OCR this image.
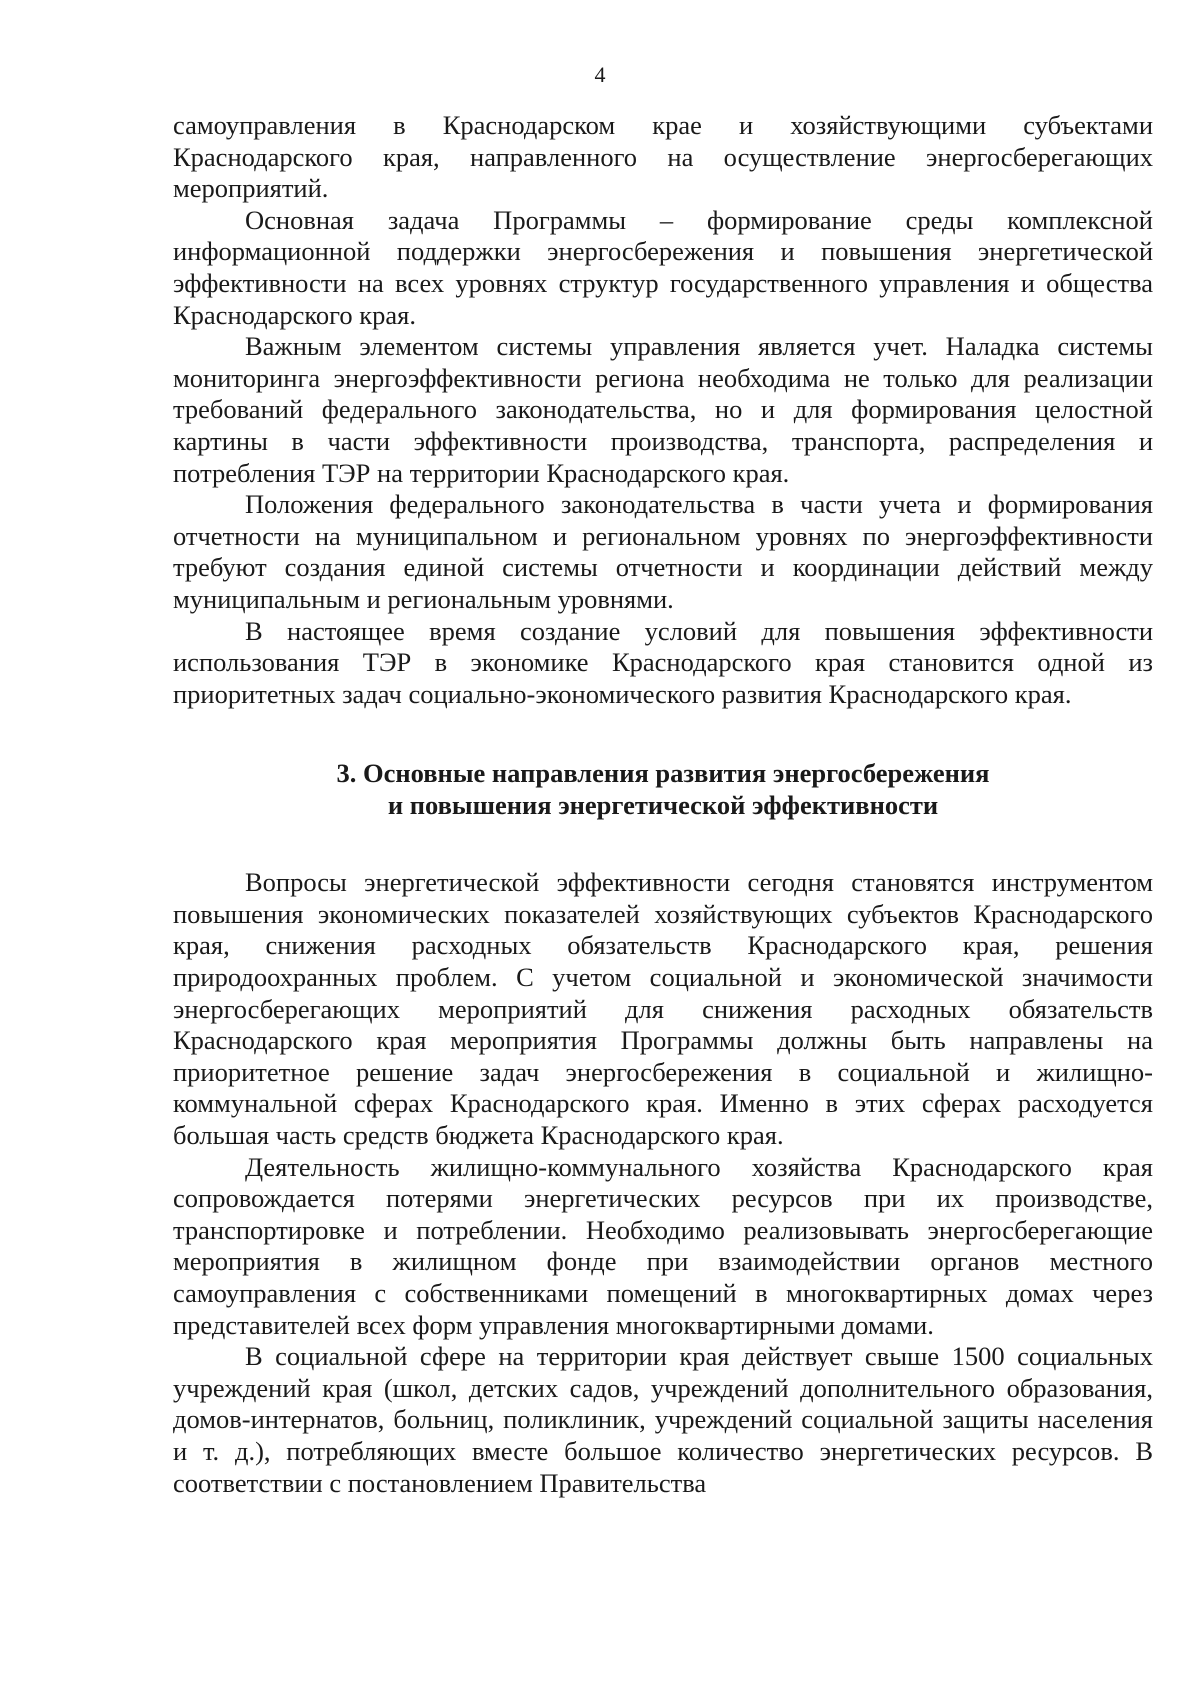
4

самоуправления в Краснодарском крае и хозяйствующими субъектами Краснодарского края, направленного на осуществление энергосберегающих мероприятий.

Основная задача Программы – формирование среды комплексной информационной поддержки энергосбережения и повышения энергетической эффективности на всех уровнях структур государственного управления и общества Краснодарского края.

Важным элементом системы управления является учет. Наладка системы мониторинга энергоэффективности региона необходима не только для реализации требований федерального законодательства, но и для формирования целостной картины в части эффективности производства, транспорта, распределения и потребления ТЭР на территории Краснодарского края.

Положения федерального законодательства в части учета и формирования отчетности на муниципальном и региональном уровнях по энергоэффективности требуют создания единой системы отчетности и координации действий между муниципальным и региональным уровнями.

В настоящее время создание условий для повышения эффективности использования ТЭР в экономике Краснодарского края становится одной из приоритетных задач социально-экономического развития Краснодарского края.

3. Основные направления развития энергосбережения
и повышения энергетической эффективности

Вопросы энергетической эффективности сегодня становятся инструментом повышения экономических показателей хозяйствующих субъектов Краснодарского края, снижения расходных обязательств Краснодарского края, решения природоохранных проблем. С учетом социальной и экономической значимости энергосберегающих мероприятий для снижения расходных обязательств Краснодарского края мероприятия Программы должны быть направлены на приоритетное решение задач энергосбережения в социальной и жилищно-коммунальной сферах Краснодарского края. Именно в этих сферах расходуется большая часть средств бюджета Краснодарского края.

Деятельность жилищно-коммунального хозяйства Краснодарского края сопровождается потерями энергетических ресурсов при их производстве, транспортировке и потреблении. Необходимо реализовывать энергосберегающие мероприятия в жилищном фонде при взаимодействии органов местного самоуправления с собственниками помещений в многоквартирных домах через представителей всех форм управления многоквартирными домами.

В социальной сфере на территории края действует свыше 1500 социальных учреждений края (школ, детских садов, учреждений дополнительного образования, домов-интернатов, больниц, поликлиник, учреждений социальной защиты населения и т. д.), потребляющих вместе большое количество энергетических ресурсов. В соответствии с постановлением Правительства
